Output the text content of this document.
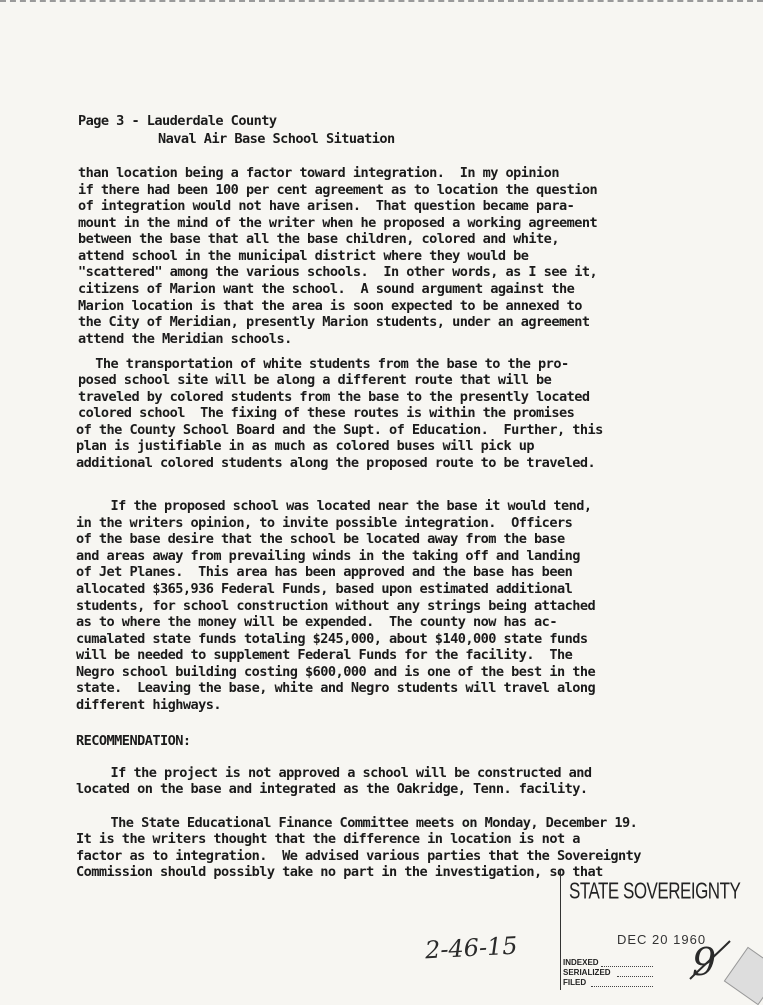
Page 3 - Lauderdale County
Naval Air Base School Situation
than location being a factor toward integration.  In my opinion
if there had been 100 per cent agreement as to location the question
of integration would not have arisen.  That question became para-
mount in the mind of the writer when he proposed a working agreement
between the base that all the base children, colored and white,
attend school in the municipal district where they would be
"scattered" among the various schools.  In other words, as I see it,
citizens of Marion want the school.  A sound argument against the
Marion location is that the area is soon expected to be annexed to
the City of Meridian, presently Marion students, under an agreement
attend the Meridian schools.
The transportation of white students from the base to the pro-
posed school site will be along a different route that will be
traveled by colored students from the base to the presently located
colored school  The fixing of these routes is within the promises
of the County School Board and the Supt. of Education.  Further, this
plan is justifiable in as much as colored buses will pick up
additional colored students along the proposed route to be traveled.
If the proposed school was located near the base it would tend,
in the writers opinion, to invite possible integration.  Officers
of the base desire that the school be located away from the base
and areas away from prevailing winds in the taking off and landing
of Jet Planes.  This area has been approved and the base has been
allocated $365,936 Federal Funds, based upon estimated additional
students, for school construction without any strings being attached
as to where the money will be expended.  The county now has ac-
cumalated state funds totaling $245,000, about $140,000 state funds
will be needed to supplement Federal Funds for the facility.  The
Negro school building costing $600,000 and is one of the best in the
state.  Leaving the base, white and Negro students will travel along
different highways.
RECOMMENDATION:
If the project is not approved a school will be constructed and
located on the base and integrated as the Oakridge, Tenn. facility.
The State Educational Finance Committee meets on Monday, December 19.
It is the writers thought that the difference in location is not a
factor as to integration.  We advised various parties that the Sovereignty
Commission should possibly take no part in the investigation, so that
STATE SOVEREIGNTY
DEC 20 1960
INDEXED
SERIALIZED
FILED
2-46-15	9
